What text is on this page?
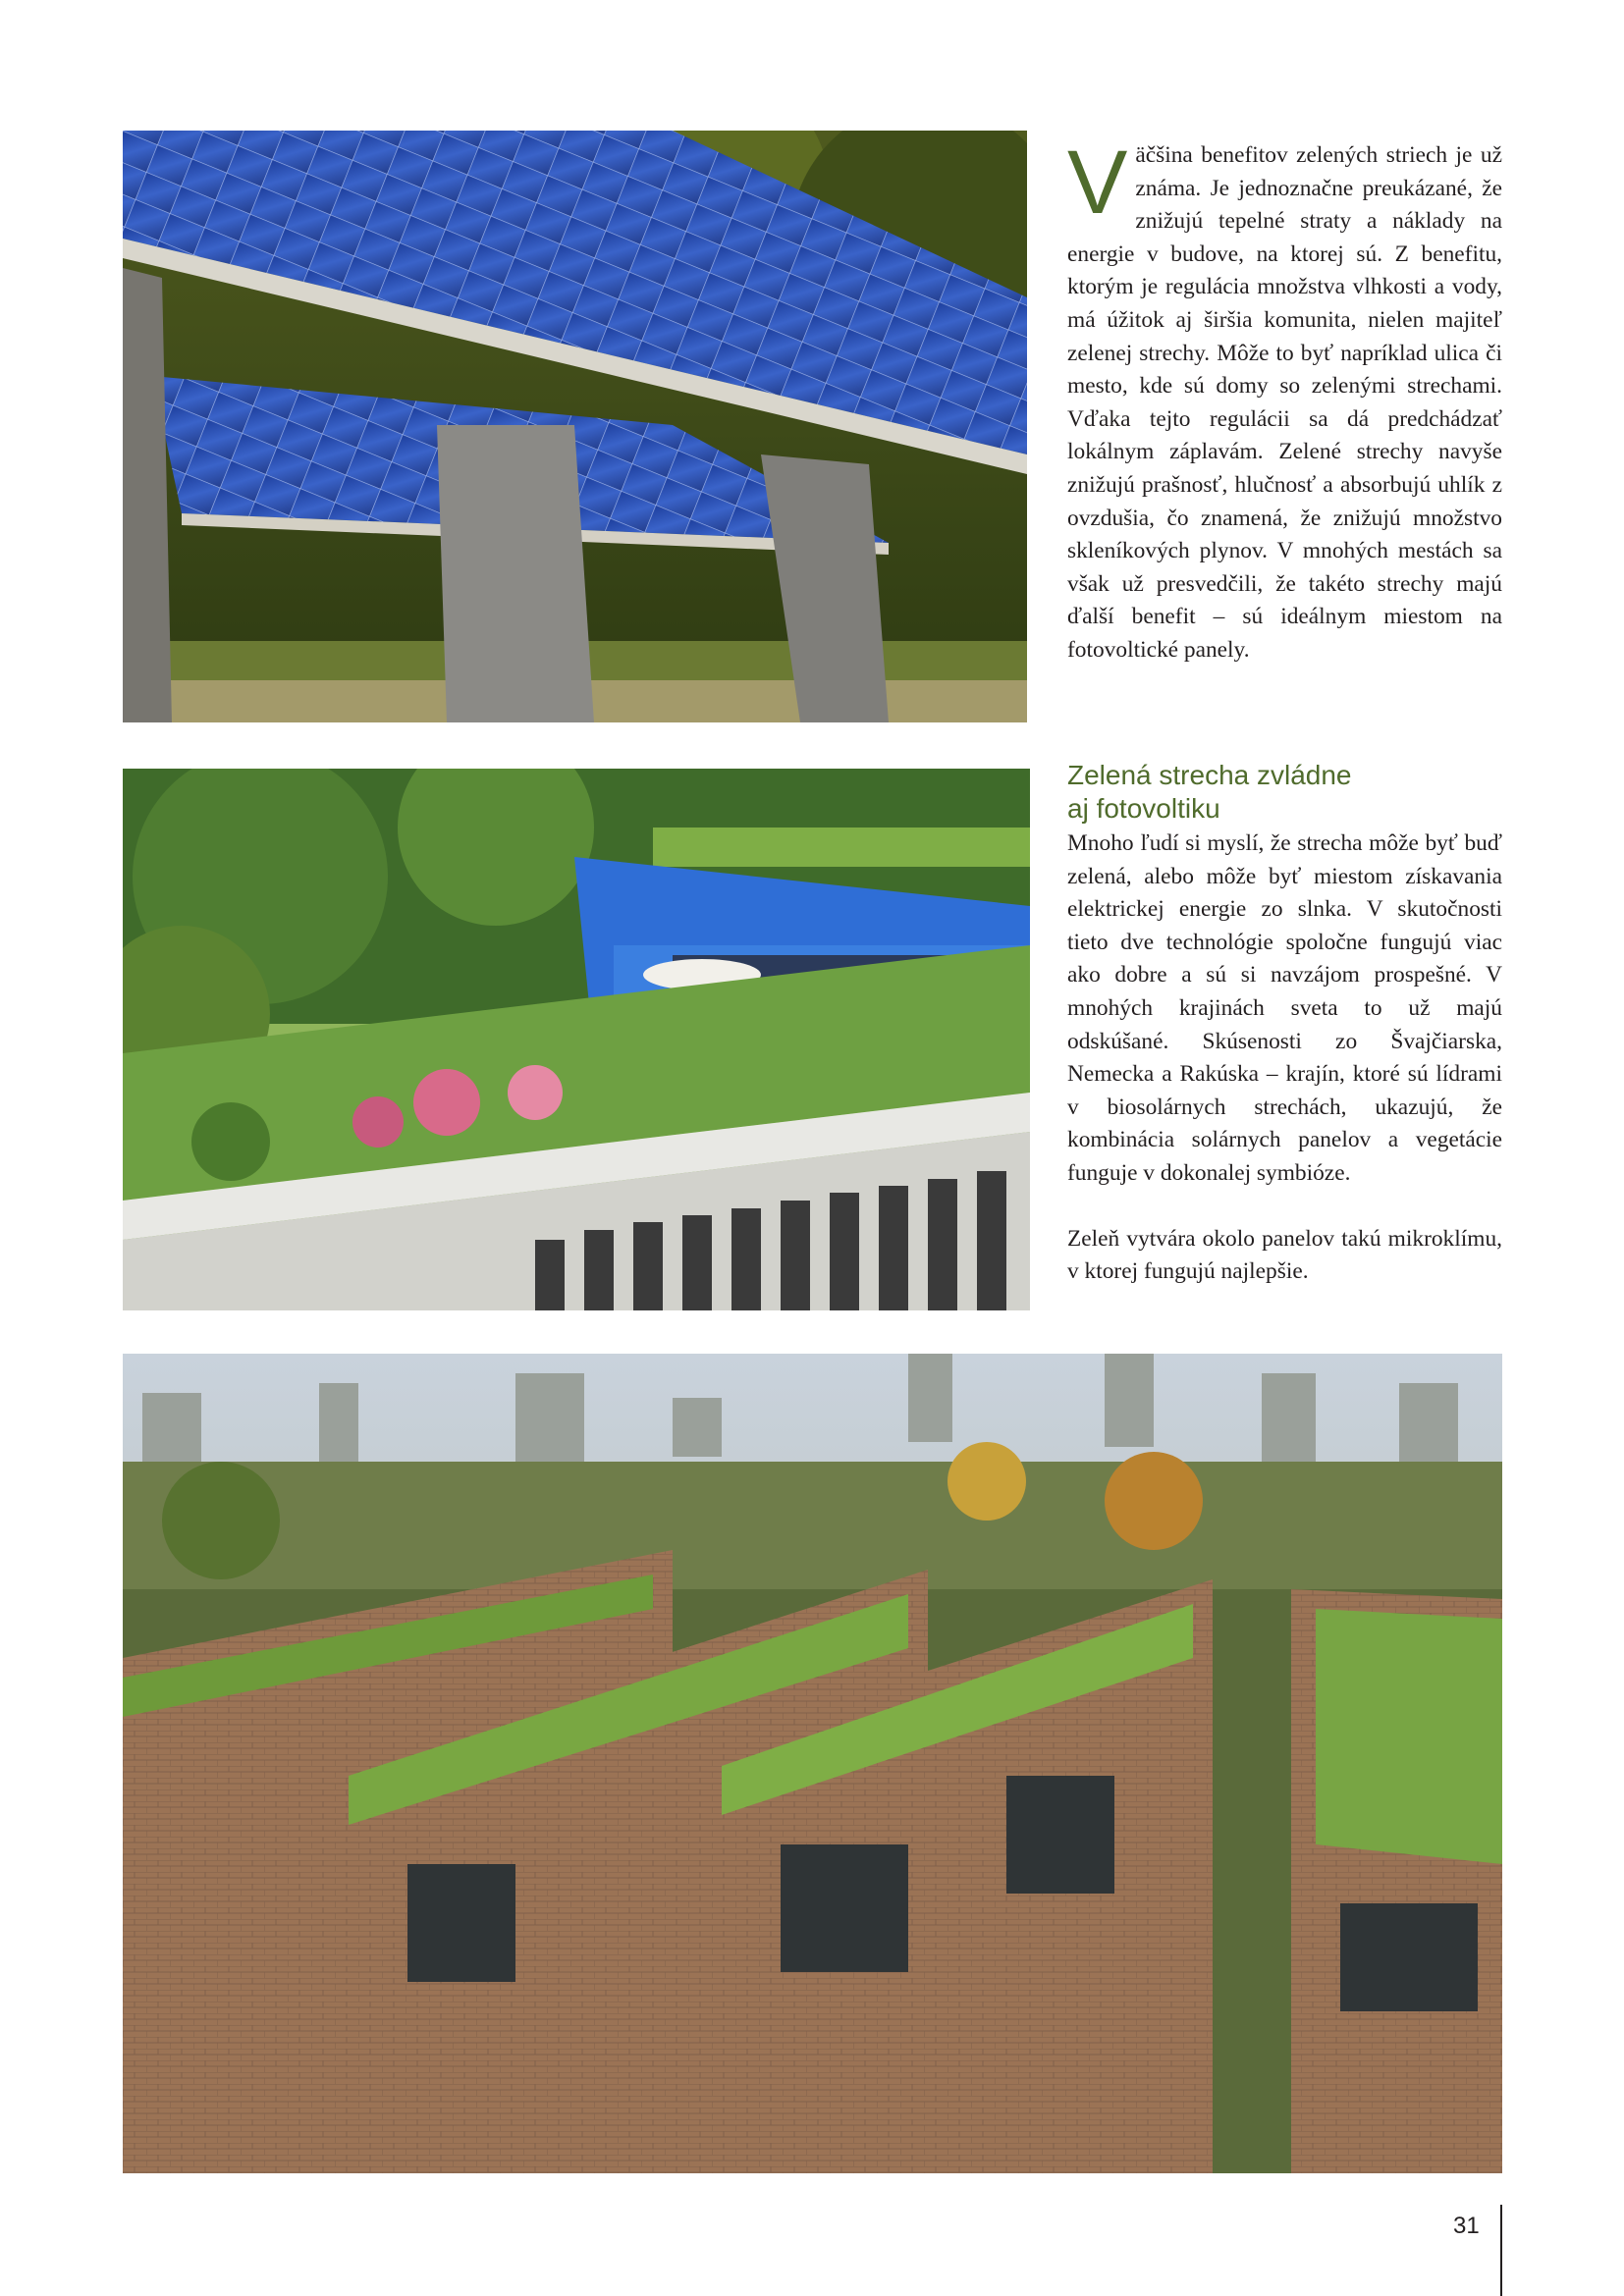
Väčšina benefitov zelených striech je už známa. Je jednoznačne preukázané, že znižujú tepelné straty a náklady na energie v budove, na ktorej sú. Z benefitu, ktorým je regulácia množstva vlhkosti a vody, má úžitok aj širšia komunita, nielen majiteľ zelenej strechy. Môže to byť napríklad ulica či mesto, kde sú domy so zelenými strechami. Vďaka tejto regulácii sa dá predchádzať lokálnym záplavám. Zelené strechy navyše znižujú prašnosť, hlučnosť a absorbujú uhlík z ovzdušia, čo znamená, že znižujú množstvo skleníkových plynov. V mnohých mestách sa však už presvedčili, že takéto strechy majú ďalší benefit – sú ideálnym miestom na fotovoltické panely.

Zelená strecha zvládne
aj fotovoltiku

Mnoho ľudí si myslí, že strecha môže byť buď zelená, alebo môže byť miestom získavania elektrickej energie zo slnka. V skutočnosti tieto dve technológie spoločne fungujú viac ako dobre a sú si navzájom prospešné. V mnohých krajinách sveta to už majú odskúšané. Skúsenosti zo Švajčiarska, Nemecka a Rakúska – krajín, ktoré sú lídrami v biosolárnych strechách, ukazujú, že kombinácia solárnych panelov a vegetácie funguje v dokonalej symbióze.

Zeleň vytvára okolo panelov takú mikroklímu, v ktorej fungujú najlepšie.

31
